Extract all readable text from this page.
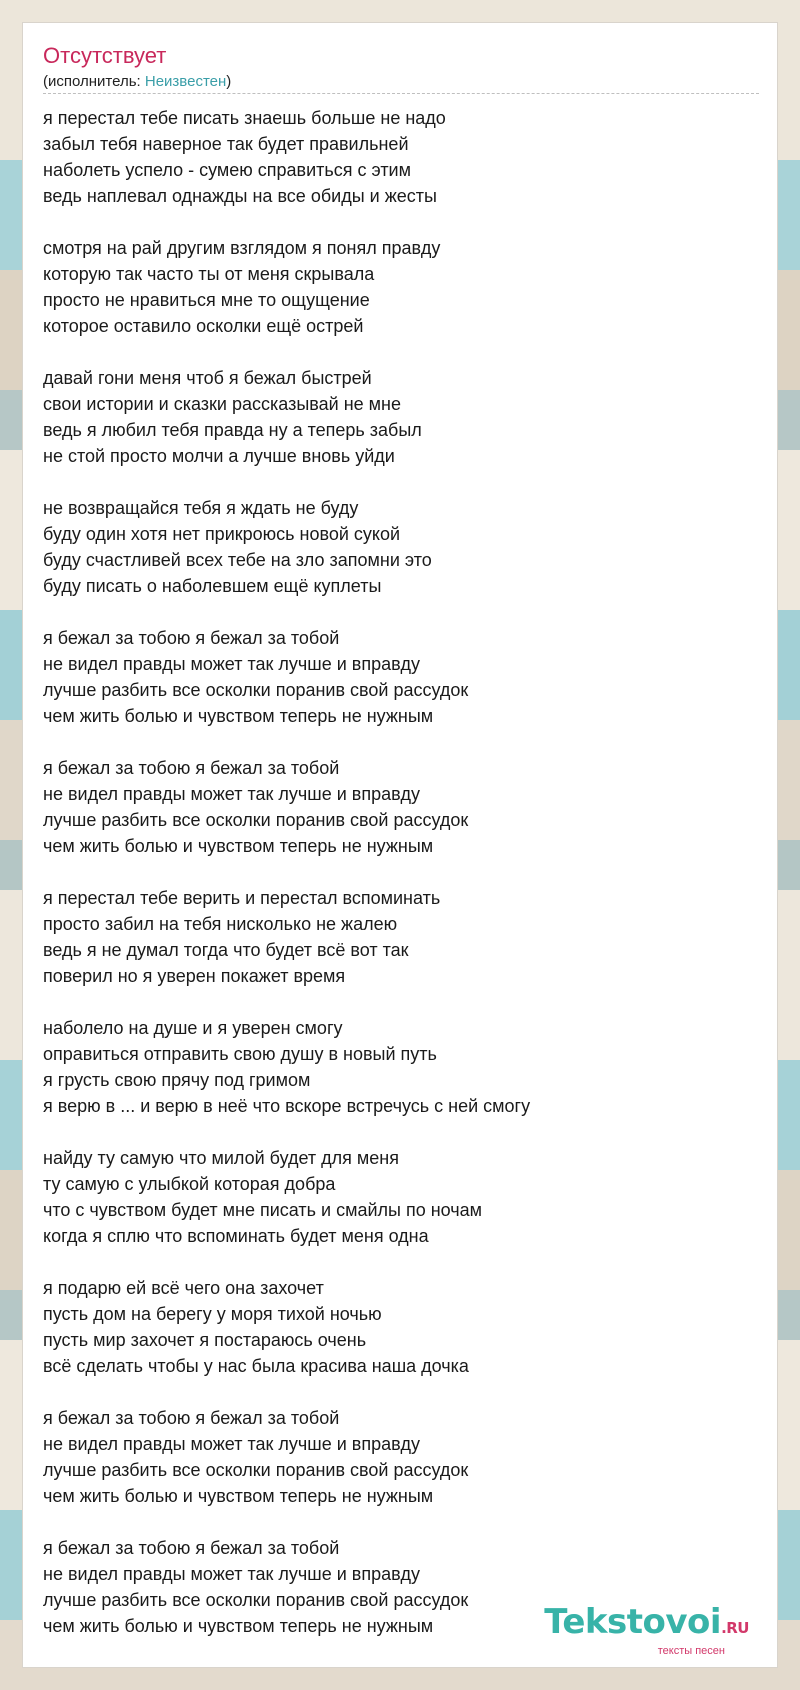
Отсутствует
(исполнитель: Неизвестен)
я перестал тебе писать знаешь больше не надо
забыл тебя наверное так будет правильней
наболеть успело - сумею справиться с этим
ведь наплевал однажды на все обиды и жесты
смотря на рай другим взглядом я понял правду
которую так часто ты от меня скрывала
просто не нравиться мне то ощущение
которое оставило осколки ещё острей
давай гони меня чтоб я бежал быстрей
свои истории и сказки рассказывай не мне
ведь я любил тебя правда ну а теперь забыл
не стой просто молчи а лучше вновь уйди
не возвращайся тебя я ждать не буду
буду один хотя нет прикроюсь новой сукой
буду счастливей всех тебе на зло запомни это
буду писать о наболевшем ещё куплеты
я бежал за тобою я бежал за тобой
не видел правды может так лучше и вправду
лучше разбить все осколки поранив свой рассудок
чем жить болью и чувством теперь не нужным
я бежал за тобою я бежал за тобой
не видел правды может так лучше и вправду
лучше разбить все осколки поранив свой рассудок
чем жить болью и чувством теперь не нужным
я перестал тебе верить и перестал вспоминать
просто забил на тебя нисколько не жалею
ведь я не думал тогда что будет всё вот так
поверил но я уверен покажет время
наболело на душе и я уверен смогу
оправиться отправить свою душу в новый путь
я грусть свою прячу под гримом
я верю в ... и верю в неё что вскоре встречусь с ней смогу
найду ту самую что милой будет для меня
ту самую с улыбкой которая добра
что с чувством будет мне писать и смайлы по ночам
когда я сплю что вспоминать будет меня одна
я подарю ей всё чего она захочет
пусть дом на берегу у моря тихой ночью
пусть мир захочет я постараюсь очень
всё сделать чтобы у нас была красива наша дочка
я бежал за тобою я бежал за тобой
не видел правды может так лучше и вправду
лучше разбить все осколки поранив свой рассудок
чем жить болью и чувством теперь не нужным
я бежал за тобою я бежал за тобой
не видел правды может так лучше и вправду
лучше разбить все осколки поранив свой рассудок
чем жить болью и чувством теперь не нужным	Tekstovoi.RU
тексты песен
